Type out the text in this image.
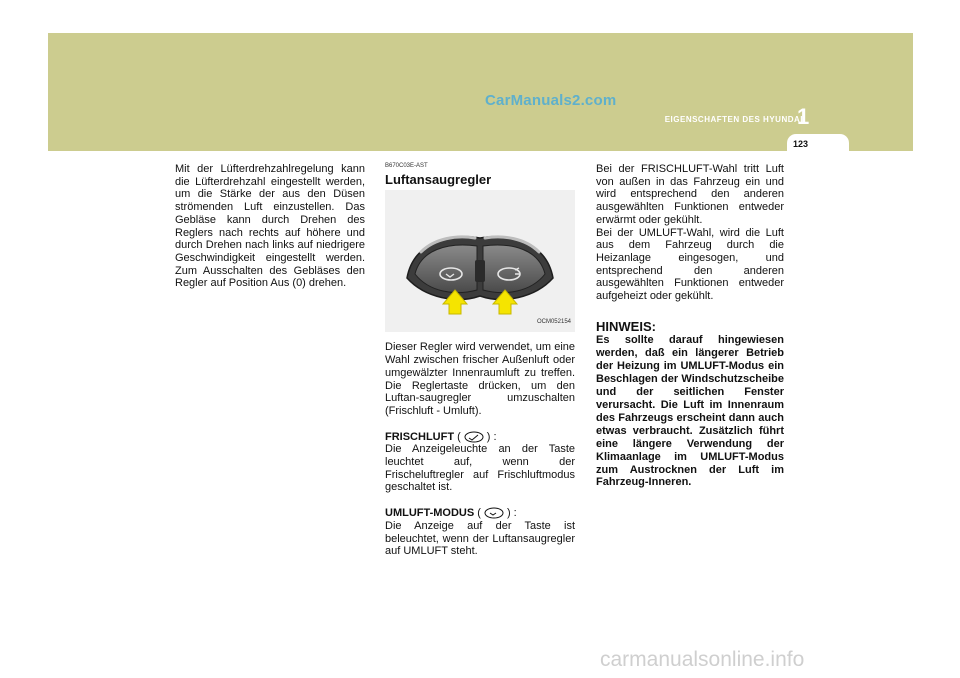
CarManuals2.com
EIGENSCHAFTEN DES HYUNDAI
1
123

Mit der Lüfterdrehzahlregelung kann die Lüfterdrehzahl eingestellt werden, um die Stärke der aus den Düsen strömenden Luft einzustellen. Das Gebläse kann durch Drehen des Reglers nach rechts auf höhere und durch Drehen nach links auf niedrigere Geschwindigkeit eingestellt werden. Zum Ausschalten des Gebläses den Regler auf Position Aus (0) drehen.

B670C03E-AST
Luftansaugregler
OCM052154

Dieser Regler wird verwendet, um eine Wahl zwischen frischer Außenluft oder umgewälzter Innenraumluft zu treffen. Die Reglertaste drücken, um den Luftan-saugregler umzuschalten (Frischluft - Umluft).

FRISCHLUFT ( ) :
Die Anzeigeleuchte an der Taste leuchtet auf, wenn der Frischeluftregler auf Frischluftmodus geschaltet ist.

UMLUFT-MODUS ( ) :
Die Anzeige auf der Taste ist beleuchtet, wenn der Luftansaugregler auf UMLUFT steht.

Bei der FRISCHLUFT-Wahl tritt Luft von außen in das Fahrzeug ein und wird entsprechend den anderen ausgewählten Funktionen entweder erwärmt oder gekühlt.

Bei der UMLUFT-Wahl, wird die Luft aus dem Fahrzeug durch die Heizanlage eingesogen, und entsprechend den anderen ausgewählten Funktionen entweder aufgeheizt oder gekühlt.

HINWEIS:
Es sollte darauf hingewiesen werden, daß ein längerer Betrieb der Heizung im UMLUFT-Modus ein Beschlagen der Windschutzscheibe und der seitlichen Fenster verursacht. Die Luft im Innenraum des Fahrzeugs erscheint dann auch etwas verbraucht. Zusätzlich führt eine längere Verwendung der Klimaanlage im UMLUFT-Modus zum Austrocknen der Luft im Fahrzeug-Inneren.
carmanualsonline.info
